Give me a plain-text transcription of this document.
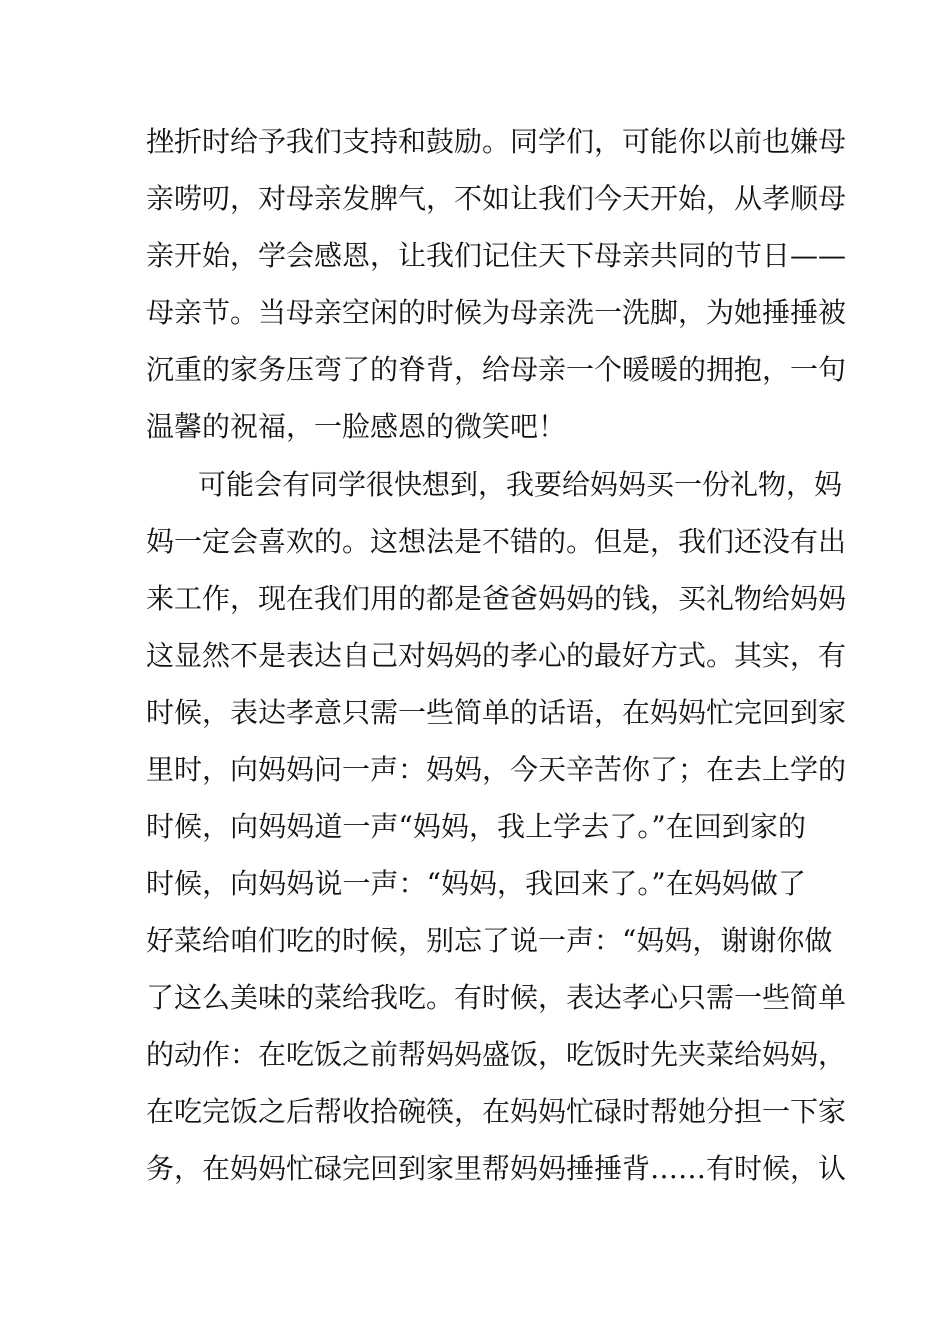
挫折时给予我们支持和鼓励。同学们，可能你以前也嫌母
亲唠叨，对母亲发脾气，不如让我们今天开始，从孝顺母
亲开始，学会感恩，让我们记住天下母亲共同的节日——
母亲节。当母亲空闲的时候为母亲洗一洗脚，为她捶捶被
沉重的家务压弯了的脊背，给母亲一个暖暖的拥抱，一句
温馨的祝福，一脸感恩的微笑吧！
可能会有同学很快想到，我要给妈妈买一份礼物，妈
妈一定会喜欢的。这想法是不错的。但是，我们还没有出
来工作，现在我们用的都是爸爸妈妈的钱，买礼物给妈妈
这显然不是表达自己对妈妈的孝心的最好方式。其实，有
时候，表达孝意只需一些简单的话语，在妈妈忙完回到家
里时，向妈妈问一声：妈妈，今天辛苦你了；在去上学的
时候，向妈妈道一声“妈妈，我上学去了。”在回到家的
时候，向妈妈说一声：“妈妈，我回来了。”在妈妈做了
好菜给咱们吃的时候，别忘了说一声：“妈妈，谢谢你做
了这么美味的菜给我吃。有时候，表达孝心只需一些简单
的动作：在吃饭之前帮妈妈盛饭，吃饭时先夹菜给妈妈，
在吃完饭之后帮收拾碗筷，在妈妈忙碌时帮她分担一下家
务，在妈妈忙碌完回到家里帮妈妈捶捶背……有时候，认
